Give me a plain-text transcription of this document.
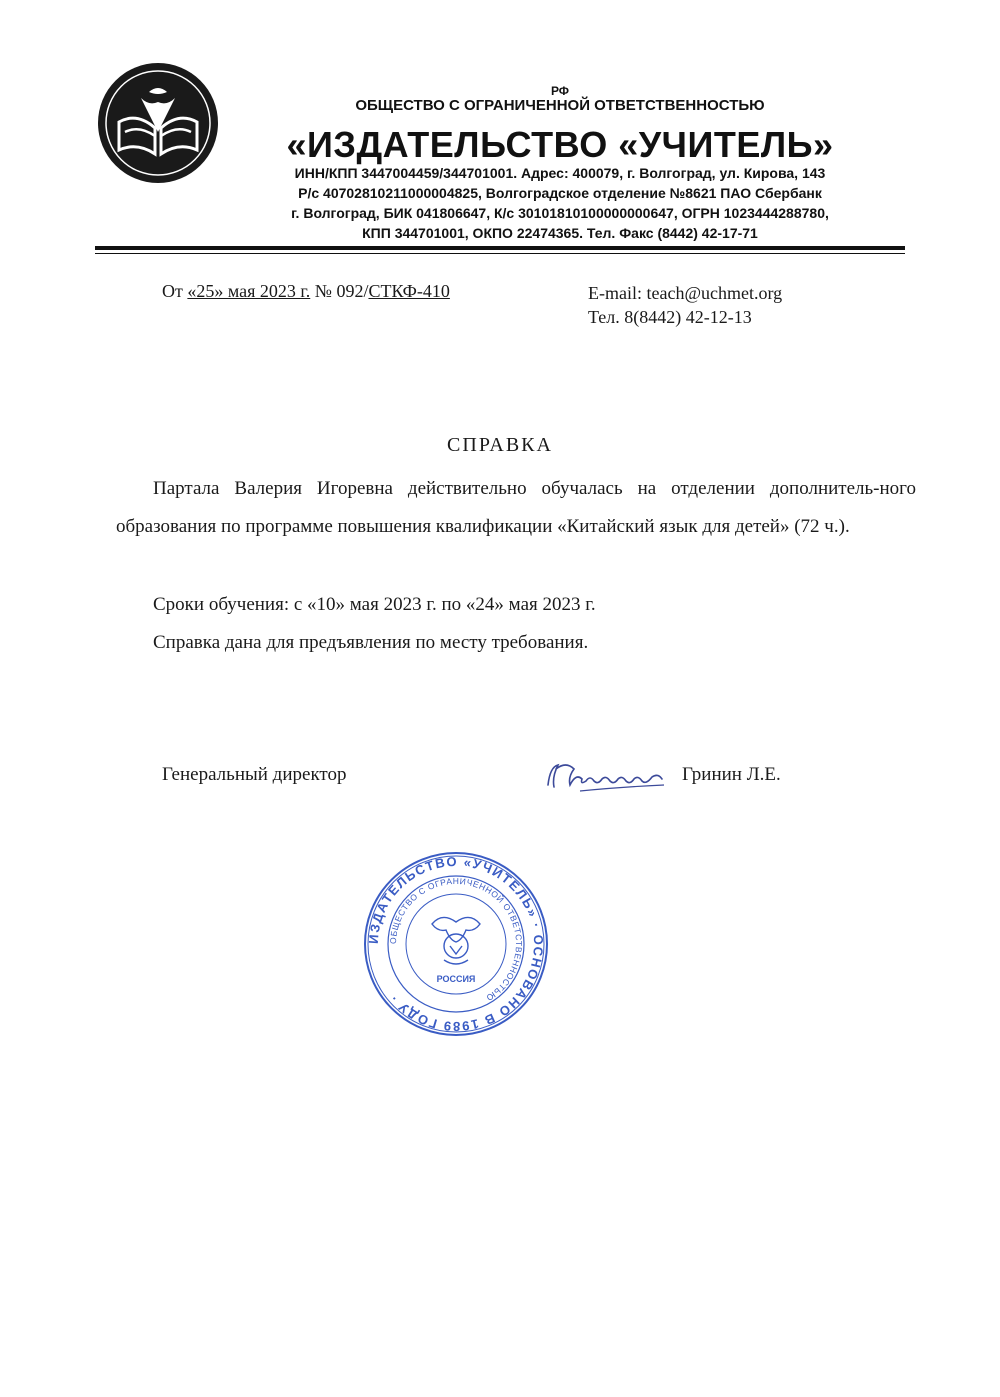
РФ
ОБЩЕСТВО С ОГРАНИЧЕННОЙ ОТВЕТСТВЕННОСТЬЮ
«ИЗДАТЕЛЬСТВО «УЧИТЕЛЬ»
ИНН/КПП 3447004459/344701001. Адрес: 400079, г. Волгоград, ул. Кирова, 143
Р/с 40702810211000004825, Волгоградское отделение №8621 ПАО Сбербанк
г. Волгоград, БИК 041806647, К/с 30101810100000000647, ОГРН 1023444288780,
КПП 344701001, ОКПО 22474365. Тел. Факс (8442) 42-17-71
От «25» мая 2023 г. № 092/СТКФ-410	E-mail: teach@uchmet.org
Тел. 8(8442) 42-12-13
СПРАВКА
Партала Валерия Игоревна действительно обучалась на отделении дополнитель-ного образования по программе повышения квалификации «Китайский язык для детей» (72 ч.).
Сроки обучения: с «10» мая 2023 г. по «24» мая 2023 г.
Справка дана для предъявления по месту требования.
Генеральный директор	Гринин Л.Е.
ИЗДАТЕЛЬСТВО «УЧИТЕЛЬ» · ОСНОВАНО В 1989 ГОДУ ·
ОБЩЕСТВО С ОГРАНИЧЕННОЙ ОТВЕТСТВЕННОСТЬЮ
РОССИЯ
